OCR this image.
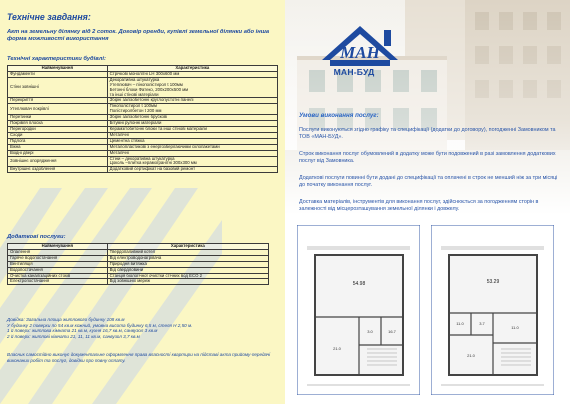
Технічне завдання:
Акт на земельну ділянку від 2 соток. Договір оренди, купівлі земельної ділянки або інша форма можливості використання
Технічні характеристики будівлі:
Найменування	Характеристика
Фундаменти	Стрічкові монолітні LH 300х600 мм
Стіни зовнішні	Декоративна штукатурка
Утеплювач – пінополістирол t 100мм
Бетонні блоки Фатеко, 200х200х500 мм
та інші стінові матеріали
Перекриття	Збірні залізобетонні круглопустотні панелі
Утеплювач покрівлі	Пінополістирол t 100мм
Полістиролбетон t 200 мм
Перетинки	Збірні залізобетонні брускові
Покрівля плоска	Бітумні рулонні матеріали
Перегородки	Керамзітобетонні блоки та інші стінові матеріали
Сходи	Металічні
Підлога	Цементна стяжка
Вікна	Металопластикові з енергозберігаючими склопакетами
Вхідні двері	Металічні
Зовнішнє опорядження	Стіни – декоративна штукатурка
Цоколь –плитка керамогранітні 300х300 мм
Внутрішнє оздоблення	Додатковий сертифікат на базовий ремонт
Додаткові послуги:
Найменування	Характеристика
Опалення	Твердопаливний котел
Гаряче водопостачання	Від електроводонагрівача
Вентиляція	Природня витяжка
Водопостачання	Від свердловини
Очистка каналізаційних стоків	Станція біологічної очистки стічних вод ECO 2
Електропостачання	Від зовнішніх мереж
Довідка: Загальна площа житлового будинку 108 кв.м
У будинку 2 поверхи по 54 кв.м кожний, умовна висота будинку 6,5 м, стеля Н 2,50 м.
1 й поверх: житлова кімната 21 кв.м, кухня 16,7 кв.м, санвузол 3 кв.м
2 й поверх: житлові кімнати 21, 11, 11 кв.м, санвузол 3,7 кв.м
Власник самостійно виконує документальне оформлення права власності квартири на підставі акта прийому-передачі виконаних робіт та послуг, довідки про повну оплату.
МАН
МАН-БУД
Умови виконання послуг:
Послуги виконуються згідно графіку та специфікації (додатки до договору), погодженні Замовником та ТОВ «МАН-БУД».
Строк виконання послуг обумовлений в додатку може бути подовжений в разі замовлення додаткових послуг від Замовника.
Додаткові послуги повинні бути додані до специфікації та оплачені в строк не менший ніж за три місяці до початку виконання послуг.
Доставка матеріалів, інструментів для виконання послуг, здійснюється за погодженням сторін в залежності від місцерозташування земельної ділянки і довжелу.
54.98
21.0
16.7
3.0
53.29
21.0
11.0
11.0	3.7
